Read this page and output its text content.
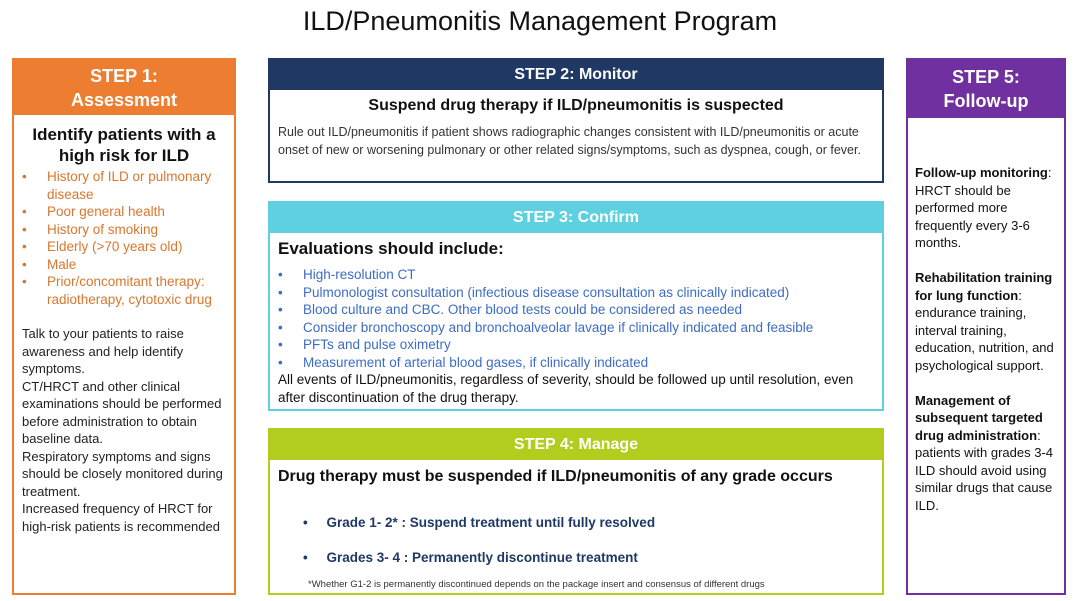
ILD/Pneumonitis Management Program
STEP 1:
Assessment
Identify patients with a high risk for ILD
• History of ILD or pulmonary disease
• Poor general health
• History of smoking
• Elderly (>70 years old)
• Male
• Prior/concomitant therapy: radiotherapy, cytotoxic drug

Talk to your patients to raise awareness and help identify symptoms.

CT/HRCT and other clinical examinations should be performed before administration to obtain baseline data.

Respiratory symptoms and signs should be closely monitored during treatment.

Increased frequency of HRCT for high-risk patients is recommended

STEP 2: Monitor
Suspend drug therapy if ILD/pneumonitis is suspected
Rule out ILD/pneumonitis if patient shows radiographic changes consistent with ILD/pneumonitis or acute onset of new or worsening pulmonary or other related signs/symptoms, such as dyspnea, cough, or fever.
STEP 3: Confirm
Evaluations should include:
• High-resolution CT
• Pulmonologist consultation (infectious disease consultation as clinically indicated)
• Blood culture and CBC. Other blood tests could be considered as needed
• Consider bronchoscopy and bronchoalveolar lavage if clinically indicated and feasible
• PFTs and pulse oximetry
• Measurement of arterial blood gases, if clinically indicated
All events of ILD/pneumonitis, regardless of severity, should be followed up until resolution, even after discontinuation of the drug therapy.
STEP 4: Manage
Drug therapy must be suspended if ILD/pneumonitis of any grade occurs
•     Grade 1- 2* : Suspend treatment until fully resolved
•     Grades 3- 4 : Permanently discontinue treatment
*Whether G1-2 is permanently discontinued depends on the package insert and consensus of different drugs
STEP 5:
Follow-up

Follow-up monitoring: HRCT should be performed more frequently every 3-6 months.

Rehabilitation training for lung function: endurance training, interval training, education, nutrition, and psychological support.

Management of subsequent targeted drug administration: patients with grades 3-4 ILD should avoid using similar drugs that cause ILD.
